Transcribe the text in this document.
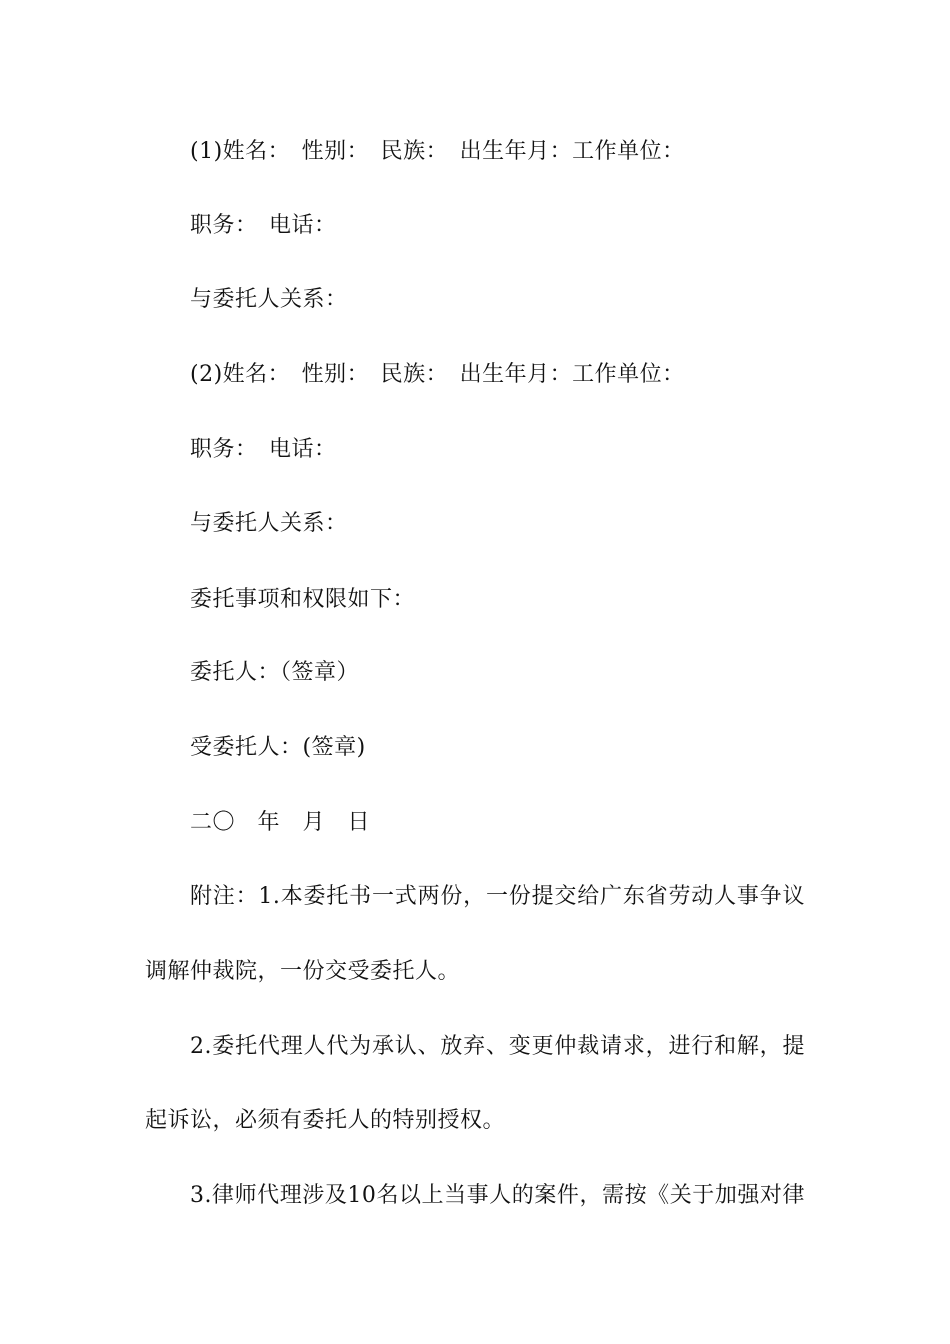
(1)姓名：　性别：　民族：　出生年月：工作单位：
职务：　电话：
与委托人关系：
(2)姓名：　性别：　民族：　出生年月：工作单位：
职务：　电话：
与委托人关系：
委托事项和权限如下：
委托人：（签章）
受委托人：(签章)
二〇　年　月　日
附注：1.本委托书一式两份，一份提交给广东省劳动人事争议
调解仲裁院，一份交受委托人。
2.委托代理人代为承认、放弃、变更仲裁请求，进行和解，提
起诉讼，必须有委托人的特别授权。
3.律师代理涉及10名以上当事人的案件，需按《关于加强对律
